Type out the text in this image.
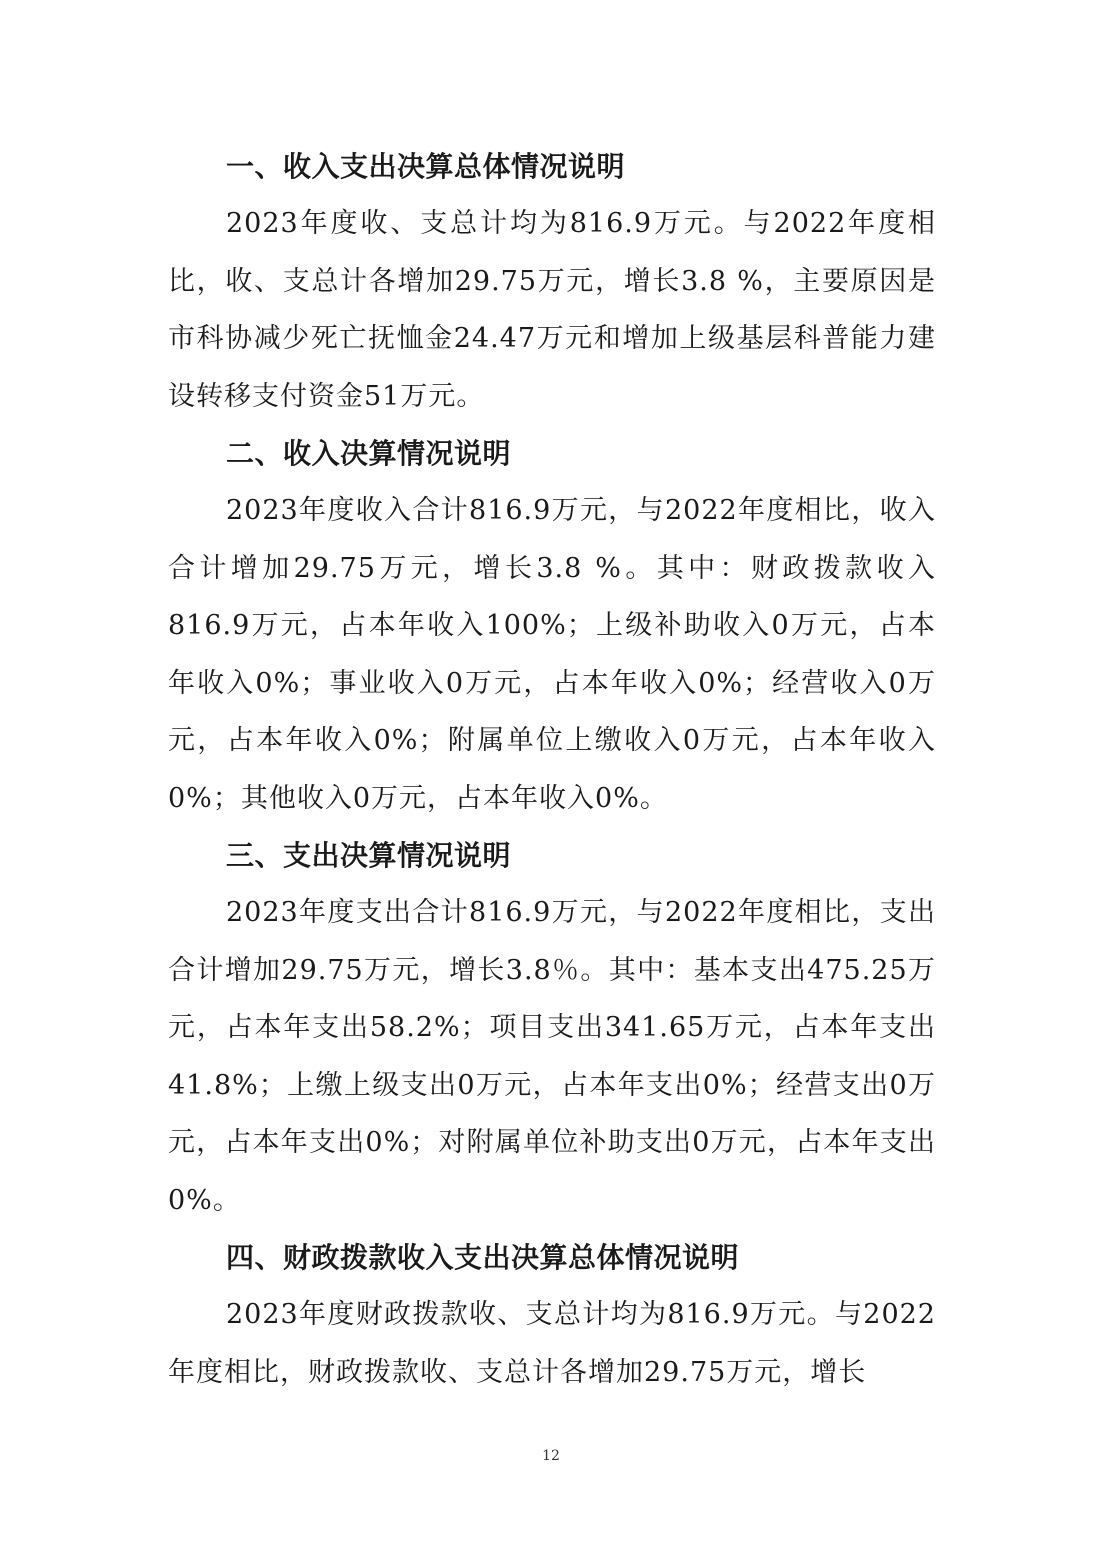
一、收入支出决算总体情况说明

2023年度收、支总计均为816.9万元。与2022年度相比，收、支总计各增加29.75万元，增长3.8 %，主要原因是市科协减少死亡抚恤金24.47万元和增加上级基层科普能力建设转移支付资金51万元。

二、收入决算情况说明

2023年度收入合计816.9万元，与2022年度相比，收入合计增加29.75万元，增长3.8 %。其中：财政拨款收入816.9万元，占本年收入100%；上级补助收入0万元，占本年收入0%；事业收入0万元，占本年收入0%；经营收入0万元，占本年收入0%；附属单位上缴收入0万元，占本年收入0%；其他收入0万元，占本年收入0%。

三、支出决算情况说明

2023年度支出合计816.9万元，与2022年度相比，支出合计增加29.75万元，增长3.8％。其中：基本支出475.25万元，占本年支出58.2%；项目支出341.65万元，占本年支出41.8%；上缴上级支出0万元，占本年支出0%；经营支出0万元，占本年支出0%；对附属单位补助支出0万元，占本年支出0%。

四、财政拨款收入支出决算总体情况说明

2023年度财政拨款收、支总计均为816.9万元。与2022年度相比，财政拨款收、支总计各增加29.75万元，增长

12
